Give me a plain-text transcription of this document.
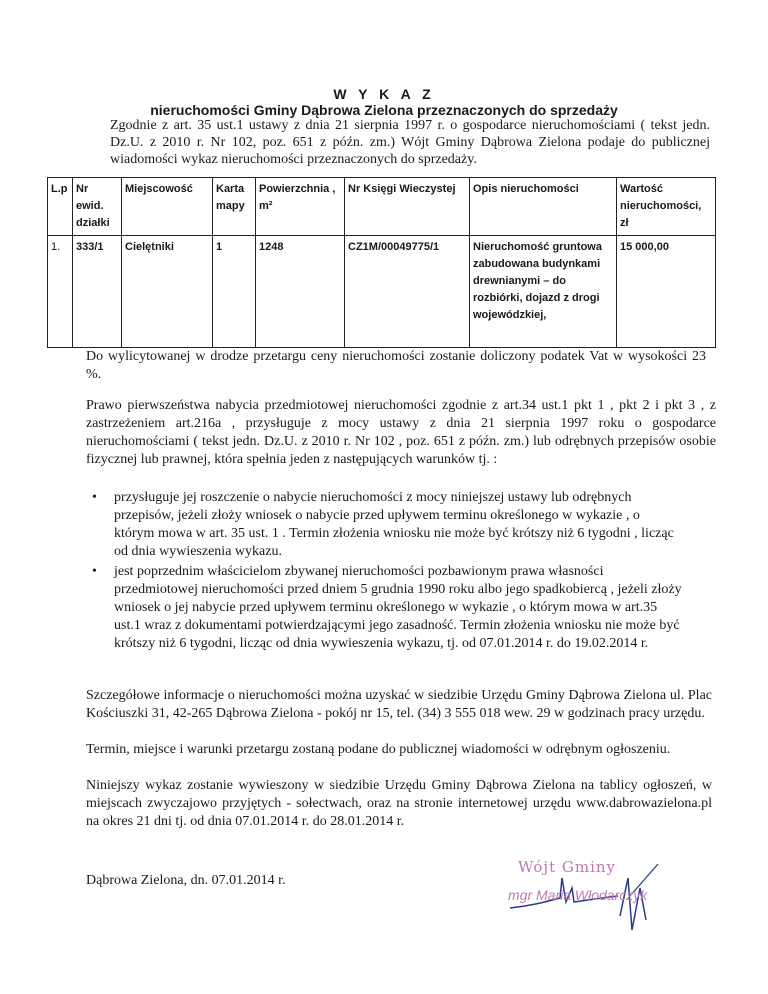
W Y K A Z
nieruchomości Gminy Dąbrowa Zielona przeznaczonych do sprzedaży
Zgodnie z art. 35 ust.1 ustawy z dnia 21 sierpnia 1997 r. o gospodarce nieruchomościami ( tekst jedn. Dz.U. z 2010 r. Nr 102, poz. 651 z późn. zm.) Wójt Gminy Dąbrowa Zielona podaje do publicznej wiadomości wykaz nieruchomości przeznaczonych do sprzedaży.
L.p	Nr ewid. działki	Miejscowość	Karta mapy	Powierzchnia , m²	Nr Księgi Wieczystej	Opis nieruchomości	Wartość nieruchomości, zł
1.	333/1	Cielętniki	1	1248	CZ1M/00049775/1	Nieruchomość gruntowa zabudowana budynkami drewnianymi – do rozbiórki, dojazd z drogi wojewódzkiej,	15 000,00
Do wylicytowanej w drodze przetargu ceny nieruchomości zostanie doliczony podatek Vat w wysokości 23 %.
Prawo pierwszeństwa nabycia przedmiotowej nieruchomości zgodnie z art.34 ust.1 pkt 1 , pkt 2 i pkt 3 , z zastrzeżeniem art.216a , przysługuje z mocy ustawy z dnia 21 sierpnia 1997 roku o gospodarce nieruchomościami ( tekst jedn. Dz.U. z 2010 r. Nr 102 , poz. 651 z późn. zm.) lub odrębnych przepisów osobie fizycznej lub prawnej, która spełnia jeden z następujących warunków tj. :
• przysługuje jej roszczenie o nabycie nieruchomości z mocy niniejszej ustawy lub odrębnych przepisów, jeżeli złoży wniosek o nabycie przed upływem terminu określonego w wykazie , o którym mowa w art. 35 ust. 1 . Termin złożenia wniosku nie może być krótszy niż 6 tygodni , licząc od dnia wywieszenia wykazu.
• jest poprzednim właścicielom zbywanej nieruchomości pozbawionym prawa własności przedmiotowej nieruchomości przed dniem 5 grudnia 1990 roku albo jego spadkobiercą , jeżeli złoży wniosek o jej nabycie przed upływem terminu określonego w wykazie , o którym mowa w art.35 ust.1 wraz z dokumentami potwierdzającymi jego zasadność. Termin złożenia wniosku nie może być krótszy niż 6 tygodni, licząc od dnia wywieszenia wykazu, tj. od 07.01.2014 r. do 19.02.2014 r.
Szczegółowe informacje o nieruchomości można uzyskać w siedzibie Urzędu Gminy Dąbrowa Zielona ul. Plac Kościuszki 31, 42-265 Dąbrowa Zielona - pokój nr 15, tel. (34) 3 555 018 wew. 29 w godzinach pracy urzędu.
Termin, miejsce i warunki przetargu zostaną podane do publicznej wiadomości w odrębnym ogłoszeniu.
Niniejszy wykaz zostanie wywieszony w siedzibie Urzędu Gminy Dąbrowa Zielona na tablicy ogłoszeń, w miejscach zwyczajowo przyjętych - sołectwach, oraz na stronie internetowej urzędu www.dabrowazielona.pl na okres 21 dni tj. od dnia 07.01.2014 r. do 28.01.2014 r.
Dąbrowa Zielona, dn. 07.01.2014 r.
Wójt Gminy
mgr Maria Włodarczyk
